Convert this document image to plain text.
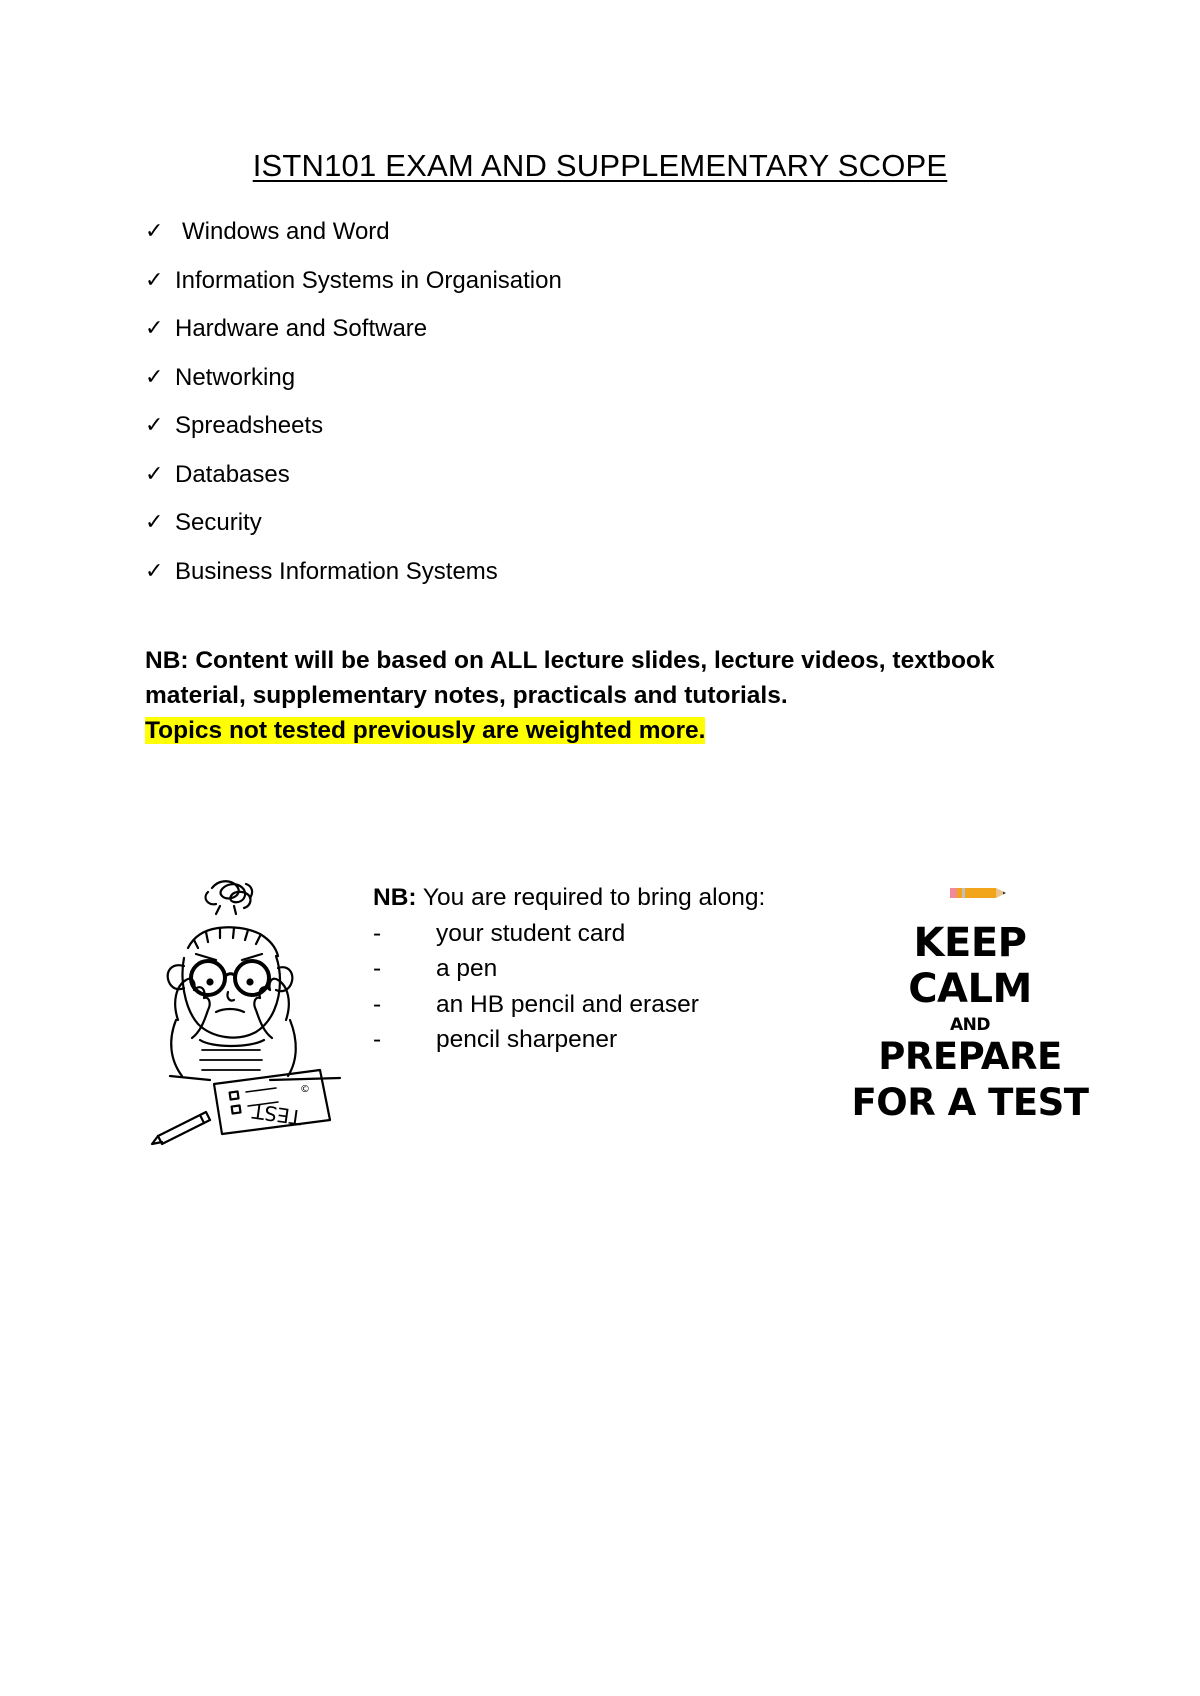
ISTN101 EXAM AND SUPPLEMENTARY SCOPE
✓ Windows and Word
✓ Information Systems in Organisation
✓ Hardware and Software
✓ Networking
✓ Spreadsheets
✓ Databases
✓ Security
✓ Business Information Systems
NB: Content will be based on ALL lecture slides, lecture videos, textbook material, supplementary notes, practicals and tutorials.
Topics not tested previously are weighted more.
TEST
©
NB: You are required to bring along:
-	your student card
-	a pen
-	an HB pencil and eraser
-	pencil sharpener
KEEP
CALM
AND
PREPARE
FOR A TEST
